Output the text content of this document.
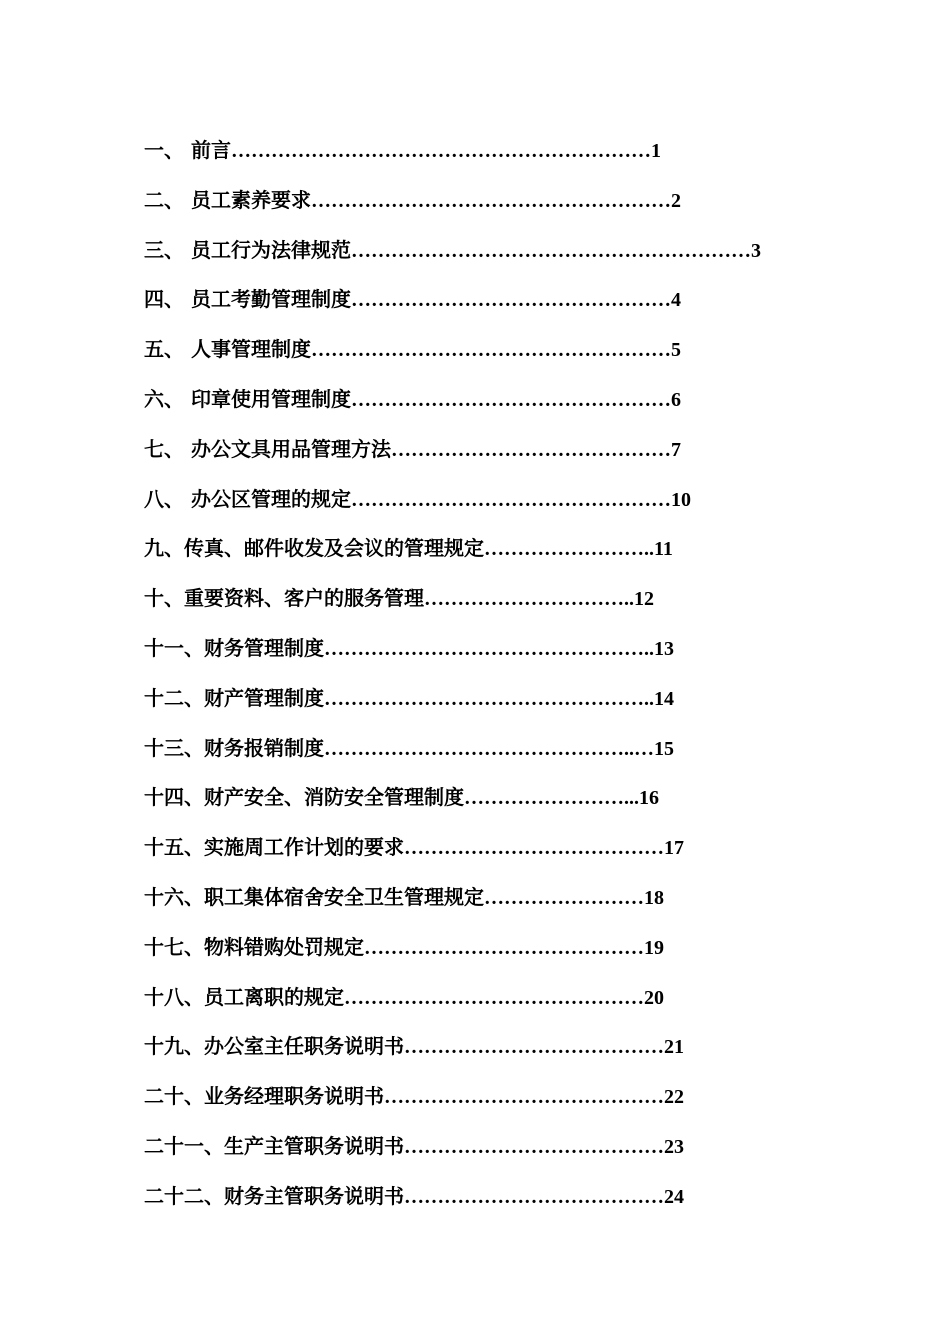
一、 前言………………………………………………………1
二、 员工素养要求………………………………………………2
三、 员工行为法律规范……………………………………………………3
四、 员工考勤管理制度…………………………………………4
五、 人事管理制度………………………………………………5
六、 印章使用管理制度…………………………………………6
七、 办公文具用品管理方法……………………………………7
八、 办公区管理的规定…………………………………………10
九、传真、邮件收发及会议的管理规定……………………..11
十、重要资料、客户的服务管理…………………………..12
十一、财务管理制度…………………………………………..13
十二、财产管理制度…………………………………………..14
十三、财务报销制度………………………………………..…15
十四、财产安全、消防安全管理制度……………………...16
十五、实施周工作计划的要求…………………………………17
十六、职工集体宿舍安全卫生管理规定……………………18
十七、物料错购处罚规定……………………………………19
十八、员工离职的规定………………………………………20
十九、办公室主任职务说明书…………………………………21
二十、业务经理职务说明书……………………………………22
二十一、生产主管职务说明书…………………………………23
二十二、财务主管职务说明书…………………………………24
